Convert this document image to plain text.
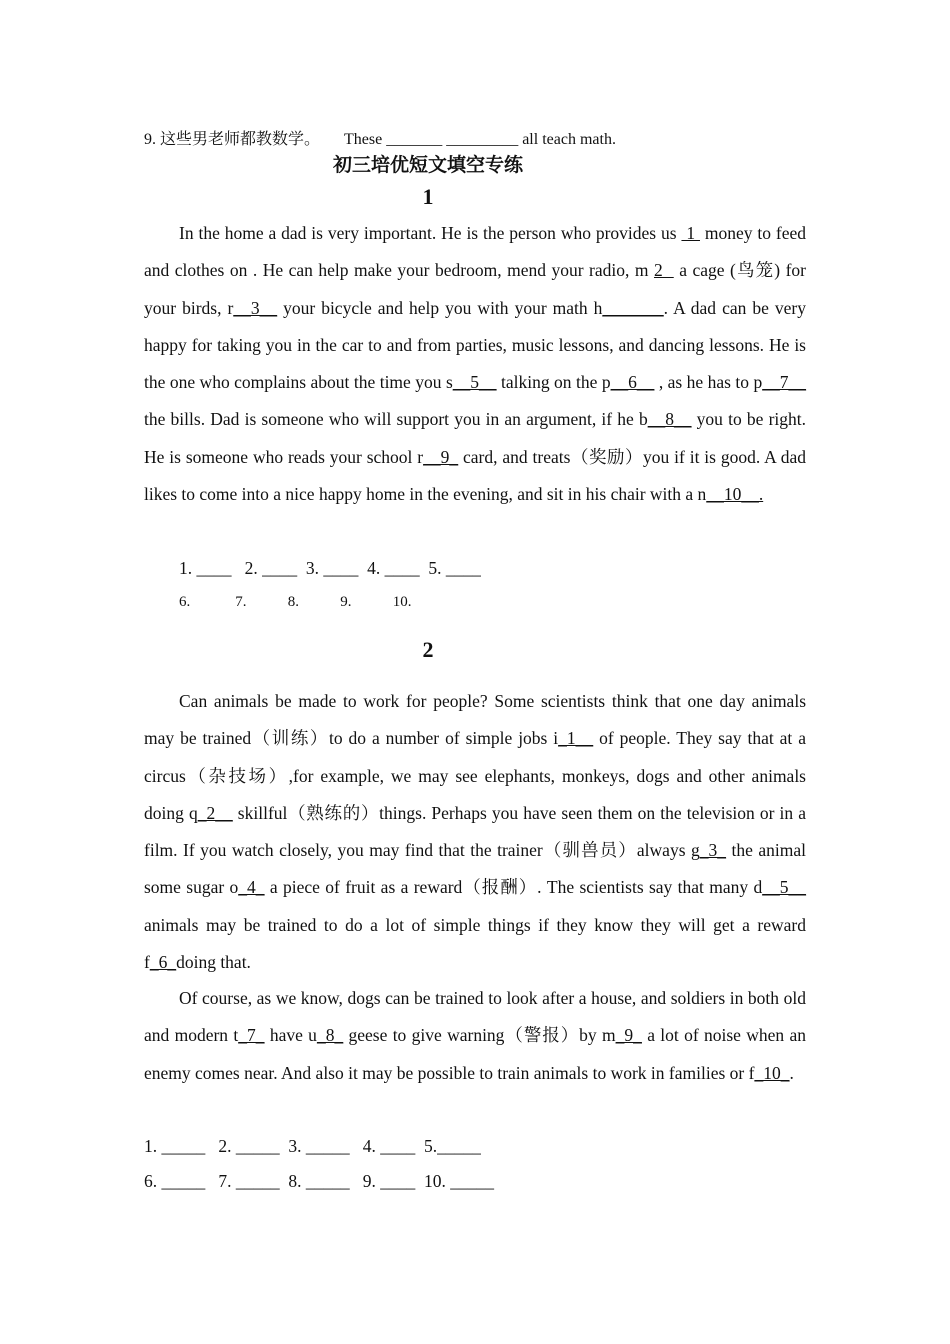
9. 这些男老师都教数学。      These _______ _________ all teach math.
初三培优短文填空专练
1
In the home a dad is very important. He is the person who provides us  1  money to feed and clothes on . He can help make your bedroom, mend your radio, m 2   a cage (鸟笼) for your birds, r__3__ your bicycle and help you with your math h_______. A dad can be very happy for taking you in the car to and from parties, music lessons, and dancing lessons. He is the one who complains about the time you s__5__ talking on the p__6__ , as he has to p__7__ the bills. Dad is someone who will support you in an argument, if he b__8__ you to be right. He is someone who reads your school r__9_ card, and treats（奖励）you if it is good. A dad likes to come into a nice happy home in the evening, and sit in his chair with a n__10__.
1. ____   2. ____  3. ____  4. ____  5. ____
6.            7.           8.           9.           10.
2
Can animals be made to work for people? Some scientists think that one day animals may be trained（训练）to do a number of simple jobs i_1__ of people. They say that at a circus（杂技场）,for example, we may see elephants, monkeys, dogs and other animals doing q_2__ skillful（熟练的）things. Perhaps you have seen them on the television or in a film. If you watch closely, you may find that the trainer（驯兽员）always g_3_ the animal some sugar o_4_ a piece of fruit as a reward（报酬）. The scientists say that many d__5__ animals may be trained to do a lot of simple things if they know they will get a reward f_6_doing that.
Of course, as we know, dogs can be trained to look after a house, and soldiers in both old and modern t_7_ have u_8_ geese to give warning（警报）by m_9_ a lot of noise when an enemy comes near. And also it may be possible to train animals to work in families or f_10_.
1. _____   2. _____  3. _____   4. ____  5._____
6. _____   7. _____  8. _____   9. ____  10. _____
